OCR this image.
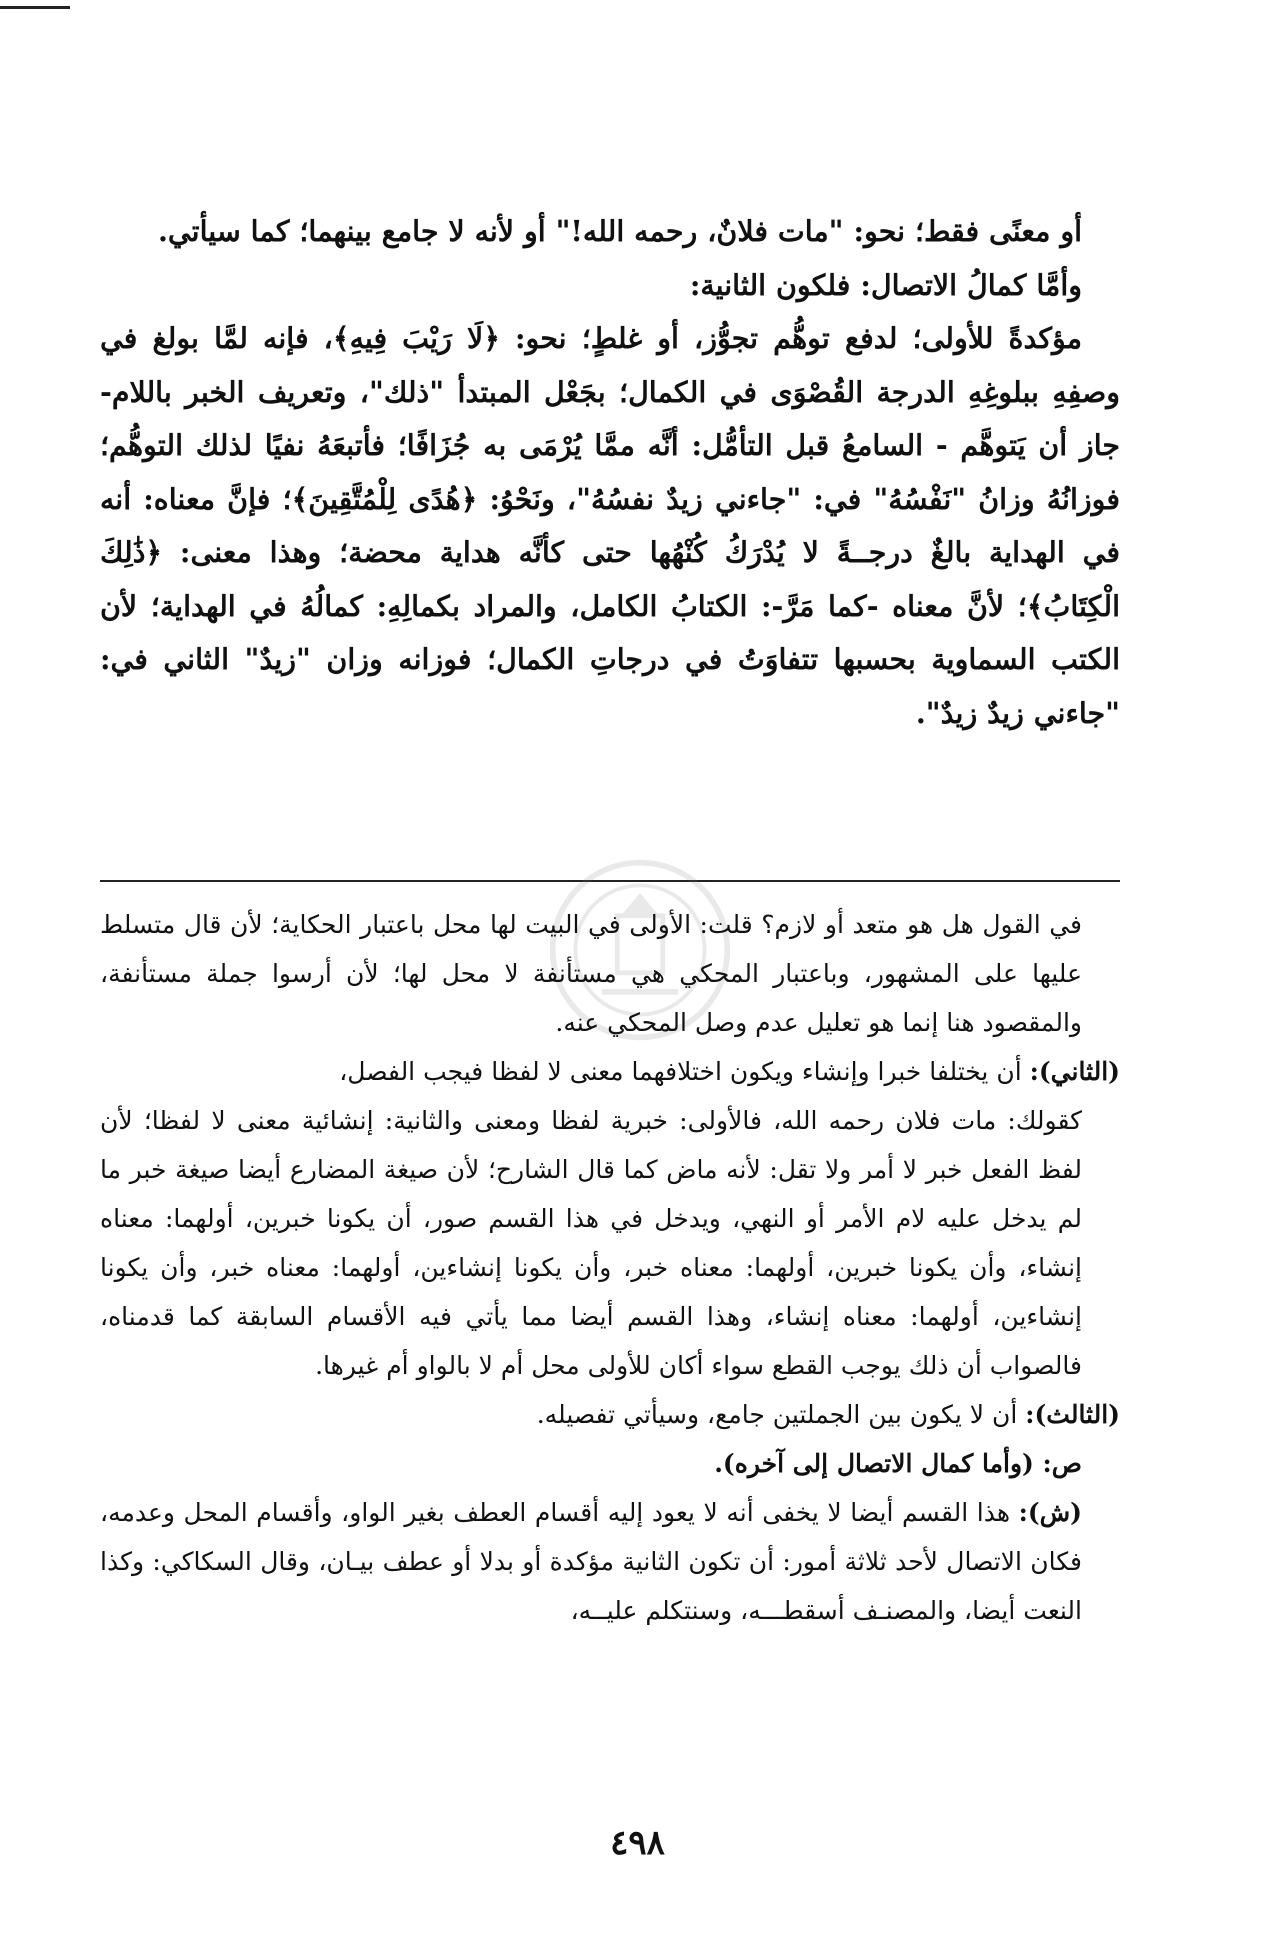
أو معنًى فقط؛ نحو: "مات فلانٌ، رحمه الله!" أو لأنه لا جامع بينهما؛ كما سيأتي.

وأمَّا كمالُ الاتصال: فلكون الثانية:

مؤكدةً للأولى؛ لدفع توهُّم تجوُّز، أو غلطٍ؛ نحو: ﴿لَا رَيْبَ فِيهِ﴾، فإنه لمَّا بولغ في وصفِهِ ببلوغِهِ الدرجة القُصْوَى في الكمال؛ بجَعْل المبتدأ "ذلك"، وتعريف الخبر باللام- جاز أن يَتوهَّم - السامعُ قبل التأمُّل: أنَّه ممَّا يُرْمَى به جُزَافًا؛ فأتبعَهُ نفيًا لذلك التوهُّم؛ فوزانُهُ وزانُ "نَفْسُهُ" في: "جاءني زيدٌ نفسُهُ"، ونَحْوُ: ﴿هُدًى لِلْمُتَّقِينَ﴾؛ فإنَّ معناه: أنه في الهداية بالغٌ درجــةً لا يُدْرَكُ كُنْهُها حتى كأنَّه هداية محضة؛ وهذا معنى: ﴿ذَٰلِكَ الْكِتَابُ﴾؛ لأنَّ معناه -كما مَرَّ-: الكتابُ الكامل، والمراد بكمالِهِ: كمالُهُ في الهداية؛ لأن الكتب السماوية بحسبها تتفاوَتُ في درجاتِ الكمال؛ فوزانه وزان "زيدٌ" الثاني في: "جاءني زيدٌ زيدٌ".

في القول هل هو متعد أو لازم؟ قلت: الأولى في البيت لها محل باعتبار الحكاية؛ لأن قال متسلط عليها على المشهور، وباعتبار المحكي هي مستأنفة لا محل لها؛ لأن أرسوا جملة مستأنفة، والمقصود هنا إنما هو تعليل عدم وصل المحكي عنه.

(الثاني): أن يختلفا خبرا وإنشاء ويكون اختلافهما معنى لا لفظا فيجب الفصل،

كقولك: مات فلان رحمه الله، فالأولى: خبرية لفظا ومعنى والثانية: إنشائية معنى لا لفظا؛ لأن لفظ الفعل خبر لا أمر ولا تقل: لأنه ماض كما قال الشارح؛ لأن صيغة المضارع أيضا صيغة خبر ما لم يدخل عليه لام الأمر أو النهي، ويدخل في هذا القسم صور، أن يكونا خبرين، أولهما: معناه إنشاء، وأن يكونا خبرين، أولهما: معناه خبر، وأن يكونا إنشاءين، أولهما: معناه خبر، وأن يكونا إنشاءين، أولهما: معناه إنشاء، وهذا القسم أيضا مما يأتي فيه الأقسام السابقة كما قدمناه، فالصواب أن ذلك يوجب القطع سواء أكان للأولى محل أم لا بالواو أم غيرها.

(الثالث): أن لا يكون بين الجملتين جامع، وسيأتي تفصيله.

ص: (وأما كمال الاتصال إلى آخره).

(ش): هذا القسم أيضا لا يخفى أنه لا يعود إليه أقسام العطف بغير الواو، وأقسام المحل وعدمه، فكان الاتصال لأحد ثلاثة أمور: أن تكون الثانية مؤكدة أو بدلا أو عطف بيـان، وقال السكاكي: وكذا النعت أيضا، والمصنـف أسقطـــه، وسنتكلم عليــه،

٤٩٨
